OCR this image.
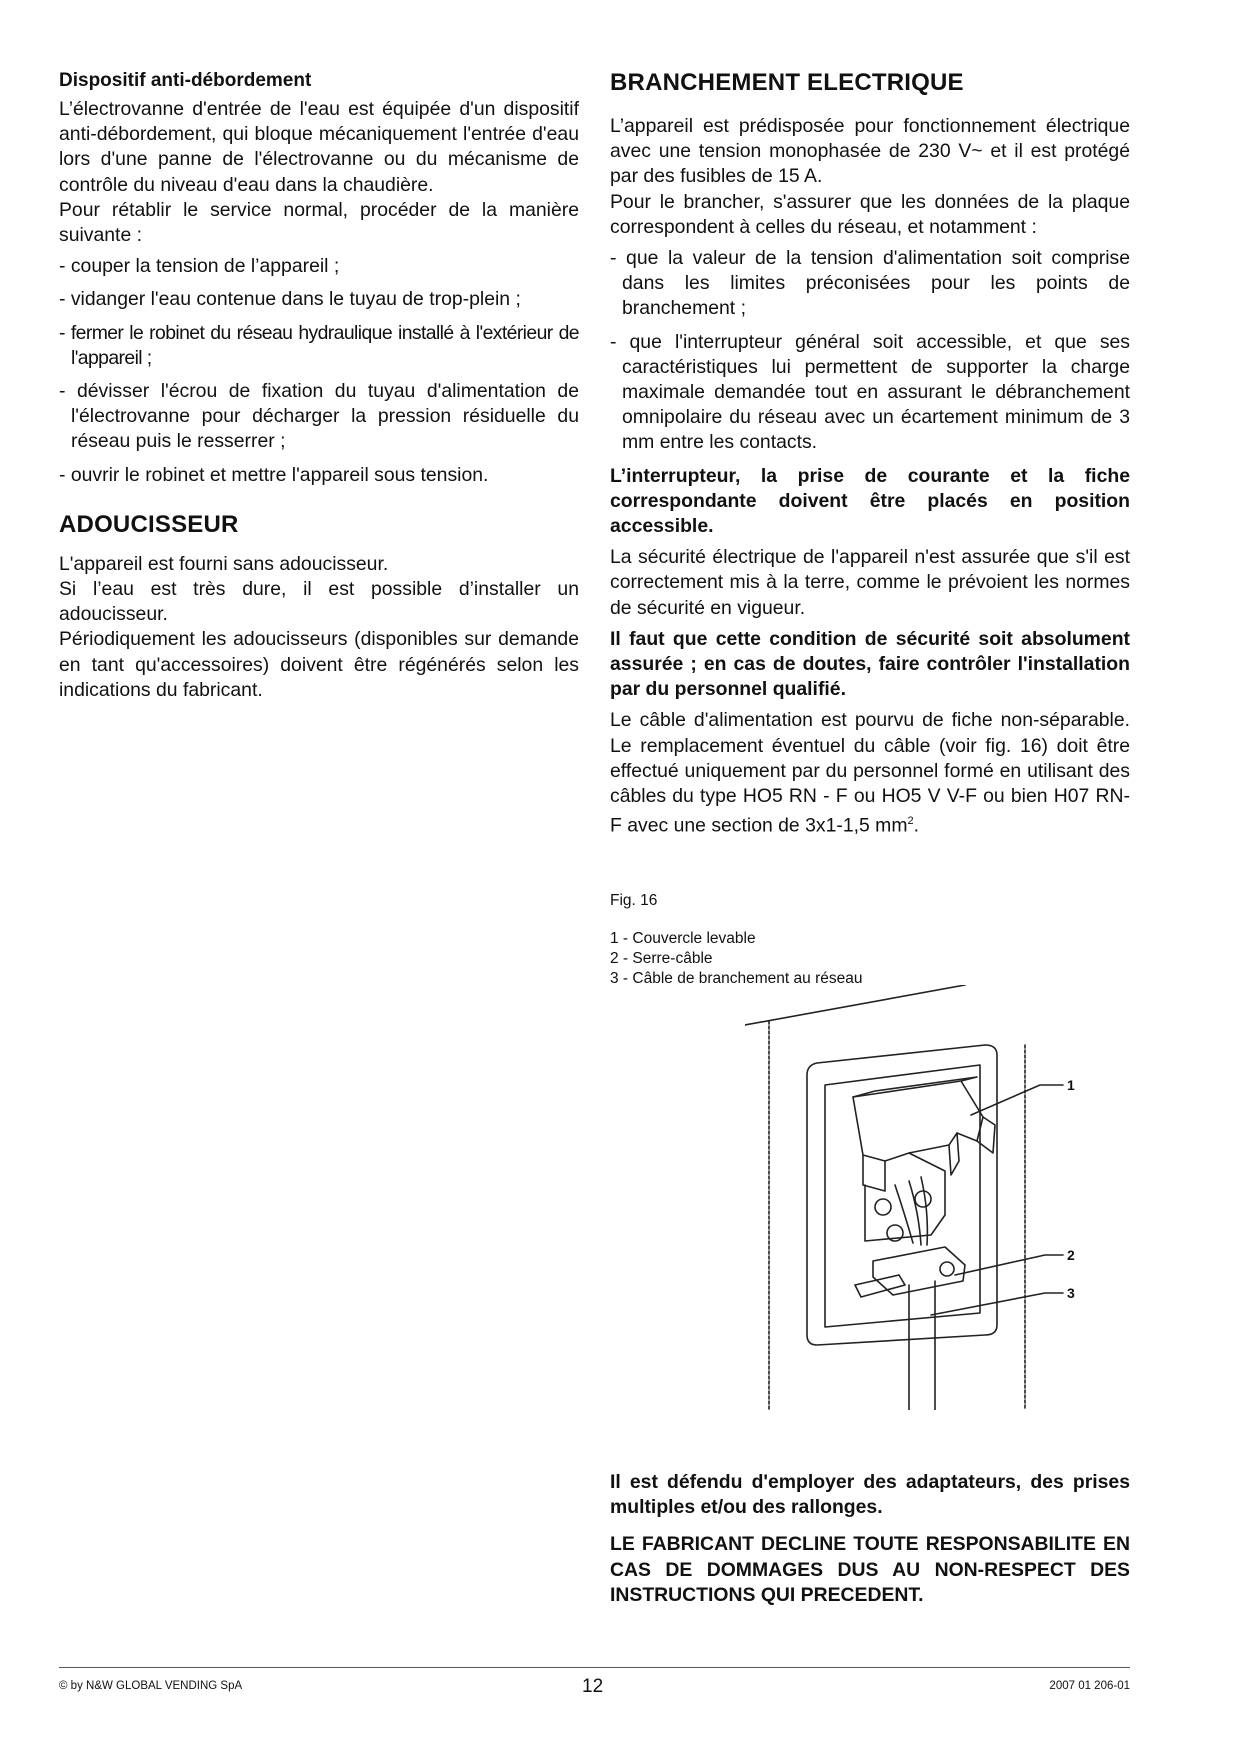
Dispositif anti-débordement

L’électrovanne d'entrée de l'eau est équipée d'un dispositif anti-débordement, qui bloque mécaniquement l'entrée d'eau lors d'une panne de l'électrovanne ou du mécanisme de contrôle du niveau d'eau dans la chaudière.

Pour rétablir le service normal, procéder de la manière suivante :

- couper la tension de l’appareil ;

- vidanger l'eau contenue dans le tuyau de trop-plein ;

- fermer le robinet du réseau hydraulique installé à l'extérieur de l'appareil ;

- dévisser l'écrou de fixation du tuyau d'alimentation de l'électrovanne pour décharger la pression résiduelle du réseau puis le resserrer ;

- ouvrir le robinet et mettre l'appareil sous tension.

ADOUCISSEUR

L'appareil est fourni sans adoucisseur.

Si l’eau est très dure, il est possible d’installer un adoucisseur.

Périodiquement les adoucisseurs (disponibles sur demande en tant qu'accessoires) doivent être régénérés selon les indications du fabricant.

BRANCHEMENT ELECTRIQUE

L’appareil est prédisposée pour fonctionnement électrique avec une tension monophasée de 230 V~ et il est protégé par des fusibles de 15 A.

Pour le brancher, s'assurer que les données de la plaque correspondent à celles du réseau, et notamment :

- que la valeur de la tension d'alimentation soit comprise dans les limites préconisées pour les points de branchement ;

- que l'interrupteur général soit accessible, et que ses caractéristiques lui permettent de supporter la charge maximale demandée tout en assurant le débranchement omnipolaire du réseau avec un écartement minimum de 3 mm entre les contacts.

L’interrupteur, la prise de courante et la fiche correspondante doivent être placés en position accessible.

La sécurité électrique de l'appareil n'est assurée que s'il est correctement mis à la terre, comme le prévoient les normes de sécurité en vigueur.

Il faut que cette condition de sécurité soit absolument assurée ; en cas de doutes, faire contrôler l'installation par du personnel qualifié.

Le câble d'alimentation est pourvu de fiche non-séparable. Le remplacement éventuel du câble (voir fig. 16) doit être effectué uniquement par du personnel formé en utilisant des câbles du type HO5 RN - F ou HO5 V V-F ou bien H07 RN-F avec une section de 3x1-1,5 $mm^2$.

Fig. 16

1 - Couvercle levable

2 - Serre-câble

3 - Câble de branchement au réseau

1
2
3

Il est défendu d'employer des adaptateurs, des prises multiples et/ou des rallonges.

LE FABRICANT DECLINE TOUTE RESPONSABILITE EN CAS DE DOMMAGES DUS AU NON-RESPECT DES INSTRUCTIONS QUI PRECEDENT.

© by N&W GLOBAL VENDING SpA	12	2007 01 206-01
